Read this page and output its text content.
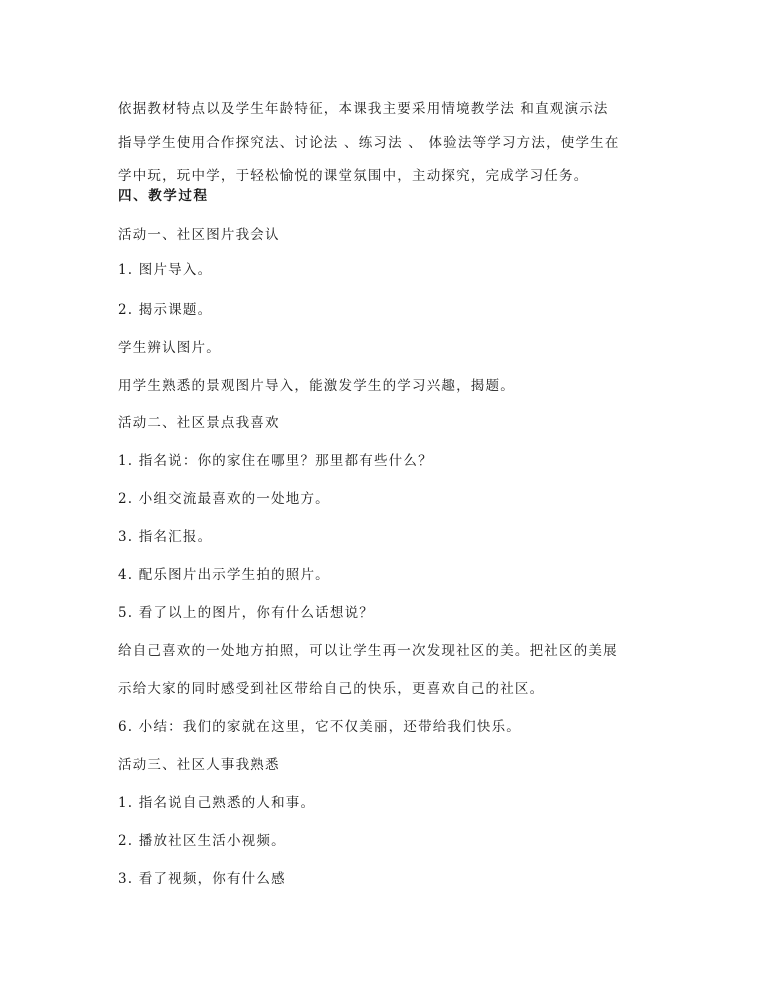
依据教材特点以及学生年龄特征，本课我主要采用情境教学法 和直观演示法
指导学生使用合作探究法、讨论法 、练习法 、 体验法等学习方法，使学生在
学中玩，玩中学，于轻松愉悦的课堂氛围中，主动探究，完成学习任务。
四、教学过程
活动一、社区图片我会认
1. 图片导入。
2. 揭示课题。
学生辨认图片。
用学生熟悉的景观图片导入，能激发学生的学习兴趣，揭题。
活动二、社区景点我喜欢
1. 指名说：你的家住在哪里？那里都有些什么？
2. 小组交流最喜欢的一处地方。
3. 指名汇报。
4. 配乐图片出示学生拍的照片。
5. 看了以上的图片，你有什么话想说？
给自己喜欢的一处地方拍照，可以让学生再一次发现社区的美。把社区的美展
示给大家的同时感受到社区带给自己的快乐，更喜欢自己的社区。
6. 小结：我们的家就在这里，它不仅美丽，还带给我们快乐。
活动三、社区人事我熟悉
1. 指名说自己熟悉的人和事。
2. 播放社区生活小视频。
3. 看了视频，你有什么感
